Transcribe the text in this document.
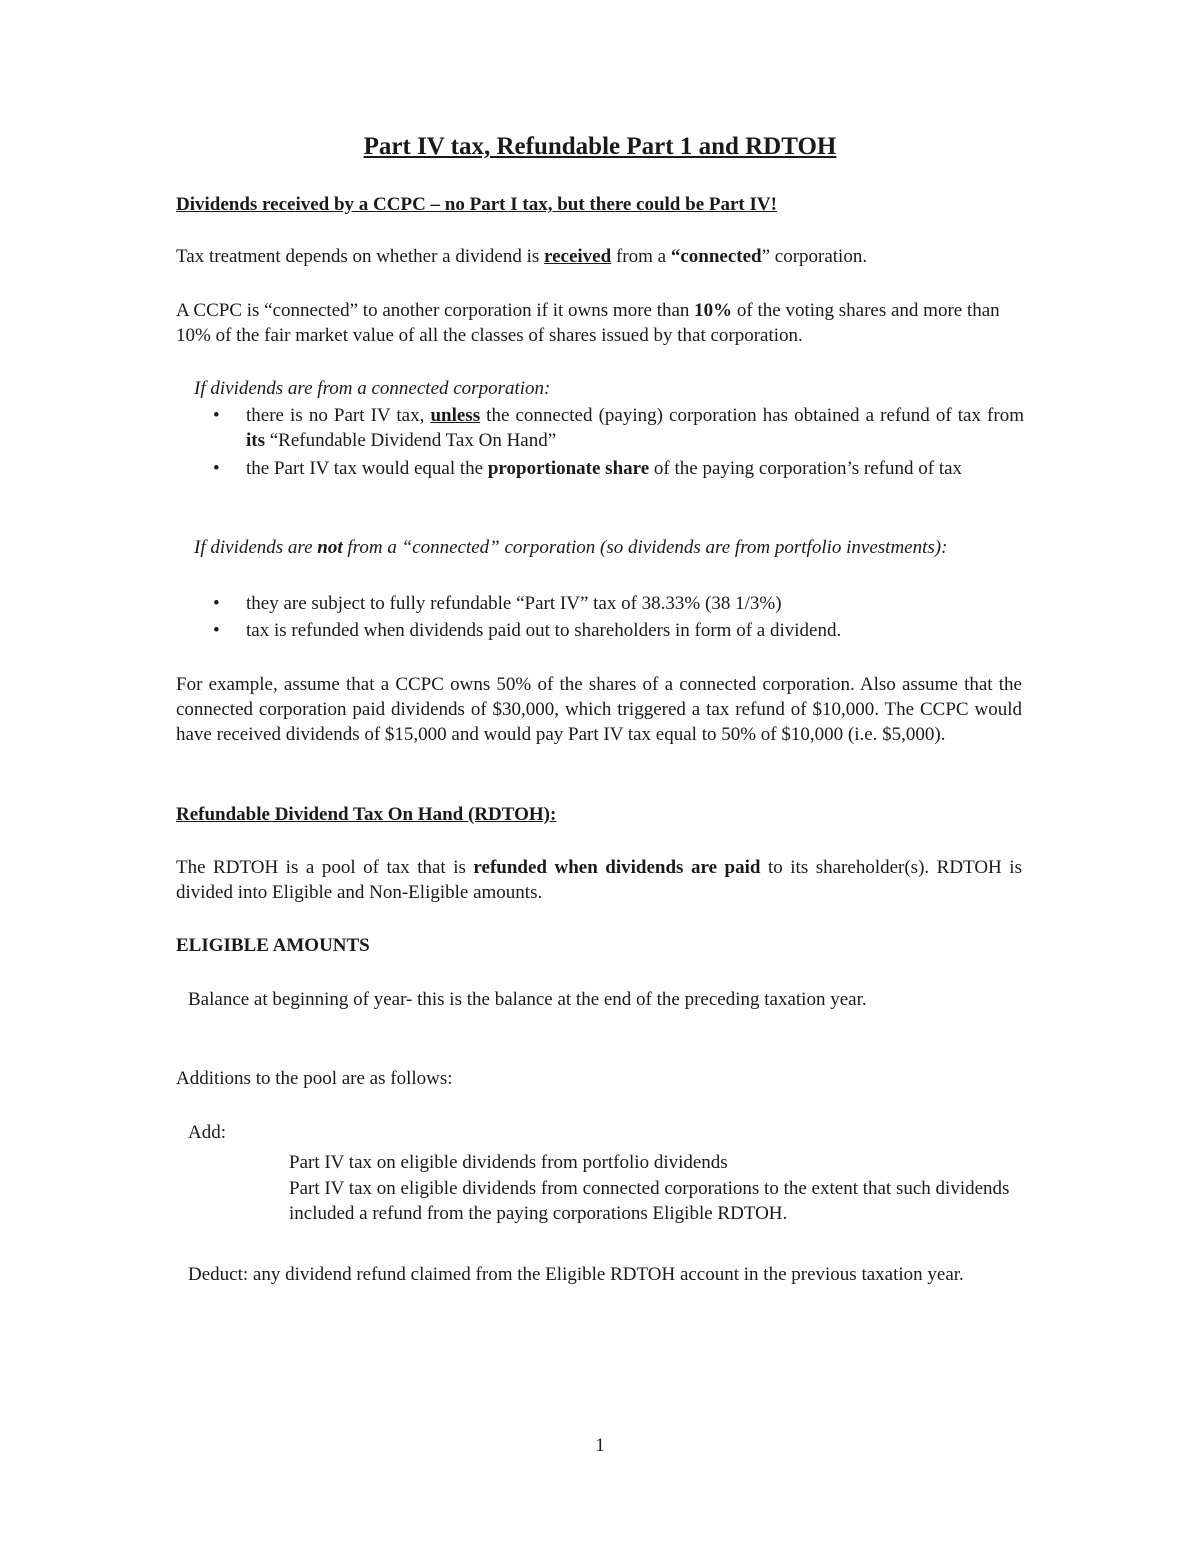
Part IV tax, Refundable Part 1 and RDTOH
Dividends received by a CCPC – no Part I tax, but there could be Part IV!
Tax treatment depends on whether a dividend is received from a “connected” corporation.
A CCPC is “connected” to another corporation if it owns more than 10% of the voting shares and more than 10% of the fair market value of all the classes of shares issued by that corporation.
If dividends are from a connected corporation:
• there is no Part IV tax, unless the connected (paying) corporation has obtained a refund of tax from its “Refundable Dividend Tax On Hand”
• the Part IV tax would equal the proportionate share of the paying corporation’s refund of tax
If dividends are not from a “connected” corporation (so dividends are from portfolio investments):
• they are subject to fully refundable “Part IV” tax of 38.33% (38 1/3%)
• tax is refunded when dividends paid out to shareholders in form of a dividend.
For example, assume that a CCPC owns 50% of the shares of a connected corporation. Also assume that the connected corporation paid dividends of $30,000, which triggered a tax refund of $10,000. The CCPC would have received dividends of $15,000 and would pay Part IV tax equal to 50% of $10,000 (i.e. $5,000).
Refundable Dividend Tax On Hand (RDTOH):
The RDTOH is a pool of tax that is refunded when dividends are paid to its shareholder(s). RDTOH is divided into Eligible and Non-Eligible amounts.
ELIGIBLE AMOUNTS
Balance at beginning of year- this is the balance at the end of the preceding taxation year.
Additions to the pool are as follows:
Add:
Part IV tax on eligible dividends from portfolio dividends
Part IV tax on eligible dividends from connected corporations to the extent that such dividends included a refund from the paying corporations Eligible RDTOH.
Deduct: any dividend refund claimed from the Eligible RDTOH account in the previous taxation year.
1
